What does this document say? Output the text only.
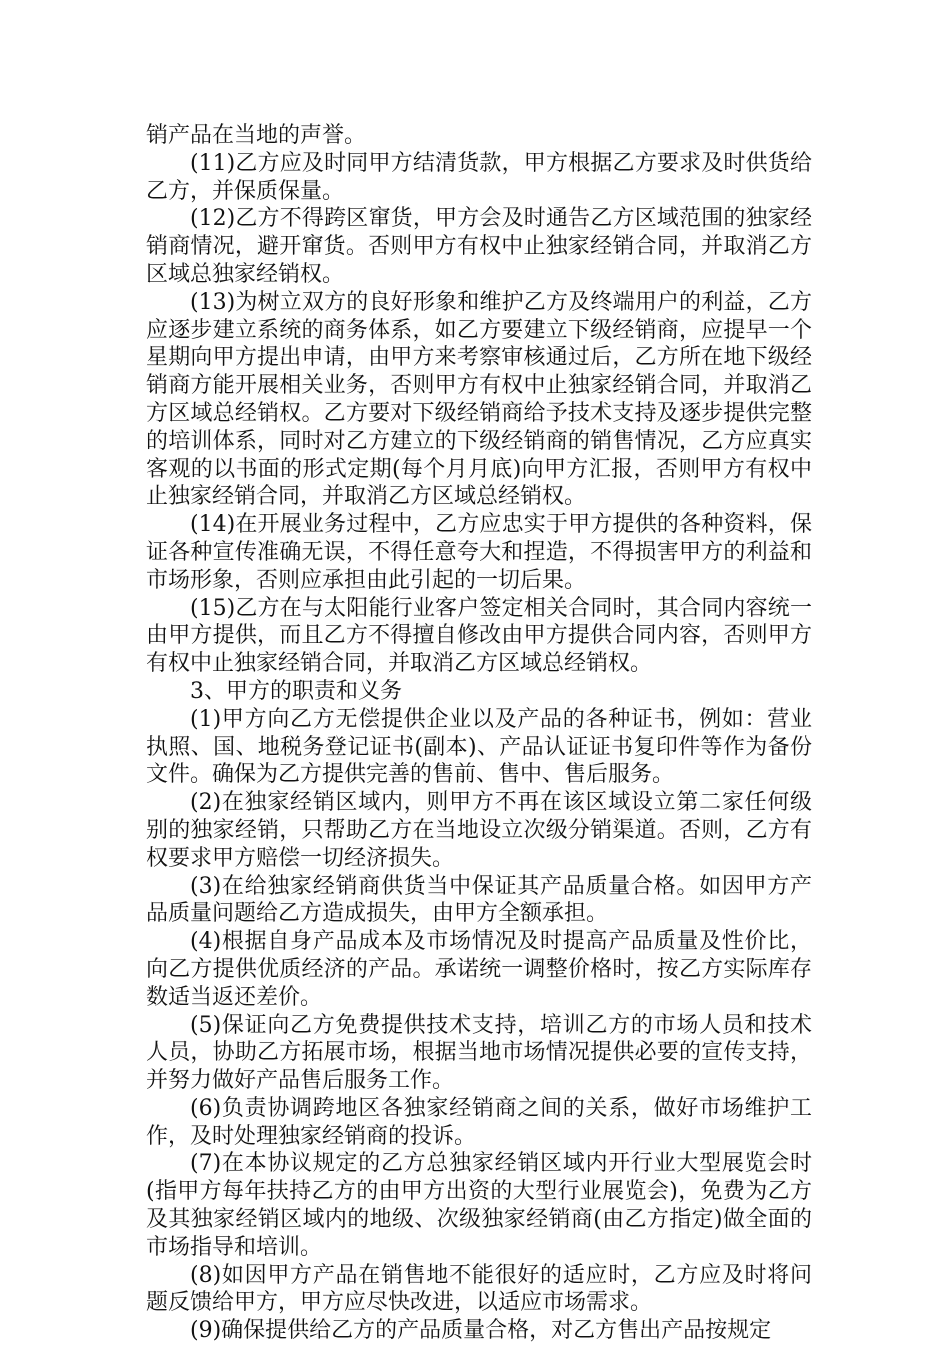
销产品在当地的声誉。

(11)乙方应及时同甲方结清货款，甲方根据乙方要求及时供货给乙方，并保质保量。

(12)乙方不得跨区窜货，甲方会及时通告乙方区域范围的独家经销商情况，避开窜货。否则甲方有权中止独家经销合同，并取消乙方区域总独家经销权。

(13)为树立双方的良好形象和维护乙方及终端用户的利益，乙方应逐步建立系统的商务体系，如乙方要建立下级经销商，应提早一个星期向甲方提出申请，由甲方来考察审核通过后，乙方所在地下级经销商方能开展相关业务，否则甲方有权中止独家经销合同，并取消乙方区域总经销权。乙方要对下级经销商给予技术支持及逐步提供完整的培训体系，同时对乙方建立的下级经销商的销售情况，乙方应真实客观的以书面的形式定期(每个月月底)向甲方汇报，否则甲方有权中止独家经销合同，并取消乙方区域总经销权。

(14)在开展业务过程中，乙方应忠实于甲方提供的各种资料，保证各种宣传准确无误，不得任意夸大和捏造，不得损害甲方的利益和市场形象，否则应承担由此引起的一切后果。

(15)乙方在与太阳能行业客户签定相关合同时，其合同内容统一由甲方提供，而且乙方不得擅自修改由甲方提供合同内容，否则甲方有权中止独家经销合同，并取消乙方区域总经销权。

3、甲方的职责和义务

(1)甲方向乙方无偿提供企业以及产品的各种证书，例如：营业执照、国、地税务登记证书(副本)、产品认证证书复印件等作为备份文件。确保为乙方提供完善的售前、售中、售后服务。

(2)在独家经销区域内，则甲方不再在该区域设立第二家任何级别的独家经销，只帮助乙方在当地设立次级分销渠道。否则，乙方有权要求甲方赔偿一切经济损失。

(3)在给独家经销商供货当中保证其产品质量合格。如因甲方产品质量问题给乙方造成损失，由甲方全额承担。

(4)根据自身产品成本及市场情况及时提高产品质量及性价比，向乙方提供优质经济的产品。承诺统一调整价格时，按乙方实际库存数适当返还差价。

(5)保证向乙方免费提供技术支持，培训乙方的市场人员和技术人员，协助乙方拓展市场，根据当地市场情况提供必要的宣传支持，并努力做好产品售后服务工作。

(6)负责协调跨地区各独家经销商之间的关系，做好市场维护工作，及时处理独家经销商的投诉。

(7)在本协议规定的乙方总独家经销区域内开行业大型展览会时(指甲方每年扶持乙方的由甲方出资的大型行业展览会)，免费为乙方及其独家经销区域内的地级、次级独家经销商(由乙方指定)做全面的市场指导和培训。

(8)如因甲方产品在销售地不能很好的适应时，乙方应及时将问题反馈给甲方，甲方应尽快改进，以适应市场需求。

(9)确保提供给乙方的产品质量合格，对乙方售出产品按规定
